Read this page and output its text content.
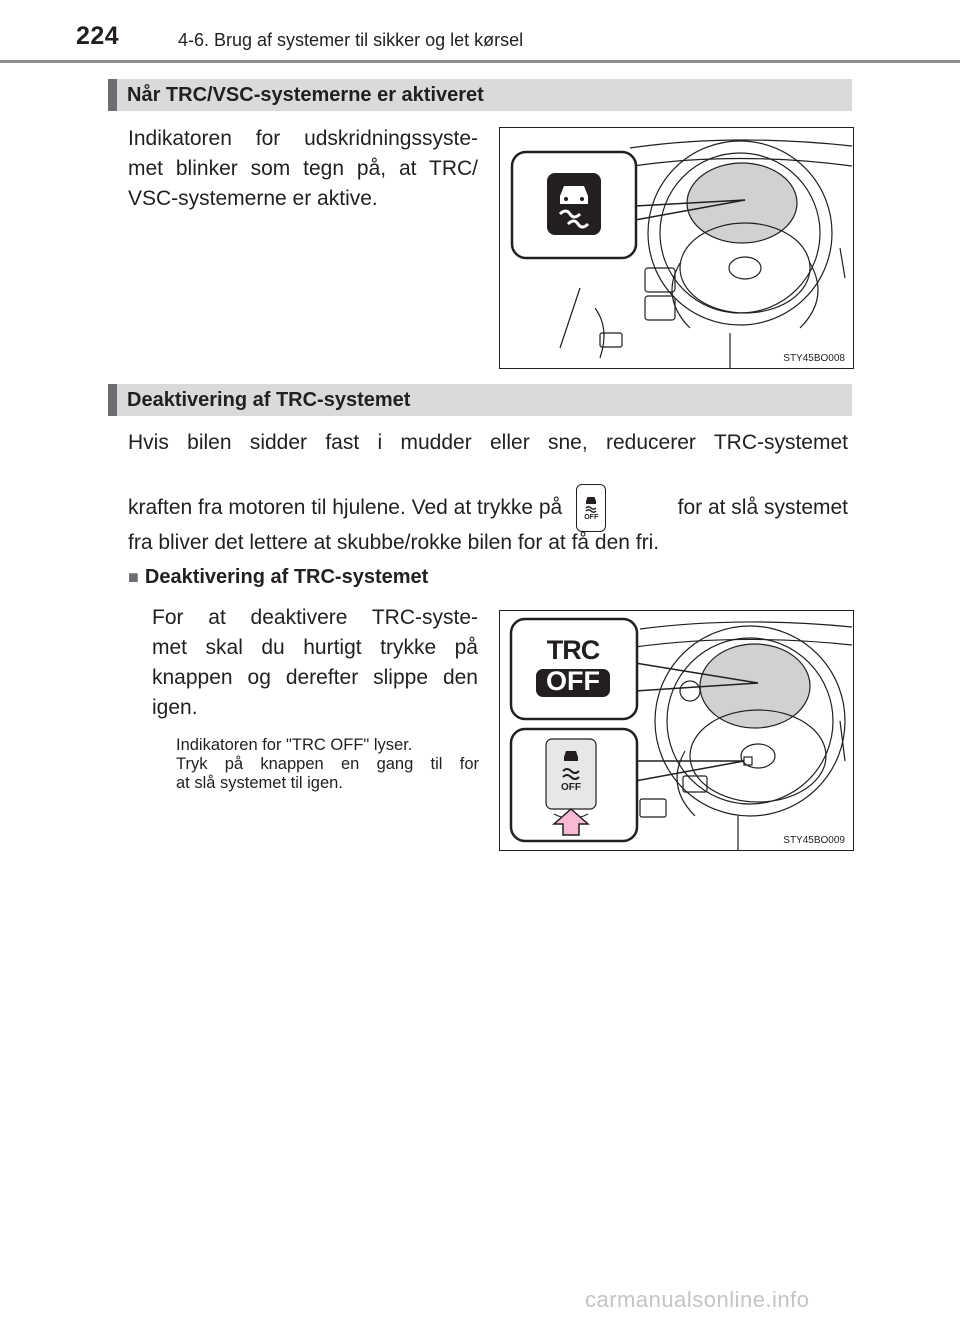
224	4-6. Brug af systemer til sikker og let kørsel
Når TRC/VSC-systemerne er aktiveret
Indikatoren for udskridningssyste-
met blinker som tegn på, at TRC/
VSC-systemerne er aktive.
STY45BO008
Deaktivering af TRC-systemet
Hvis bilen sidder fast i mudder eller sne, reducerer TRC-systemet
kraften fra motoren til hjulene. Ved at trykke på	OFF	for at slå systemet
fra bliver det lettere at skubbe/rokke bilen for at få den fri.
■ Deaktivering af TRC-systemet
For at deaktivere TRC-syste-
met skal du hurtigt trykke på
knappen og derefter slippe den
igen.
Indikatoren for "TRC OFF" lyser.
Tryk på knappen en gang til for
at slå systemet til igen.
TRC
OFF
OFF
STY45BO009
carmanualsonline.info
